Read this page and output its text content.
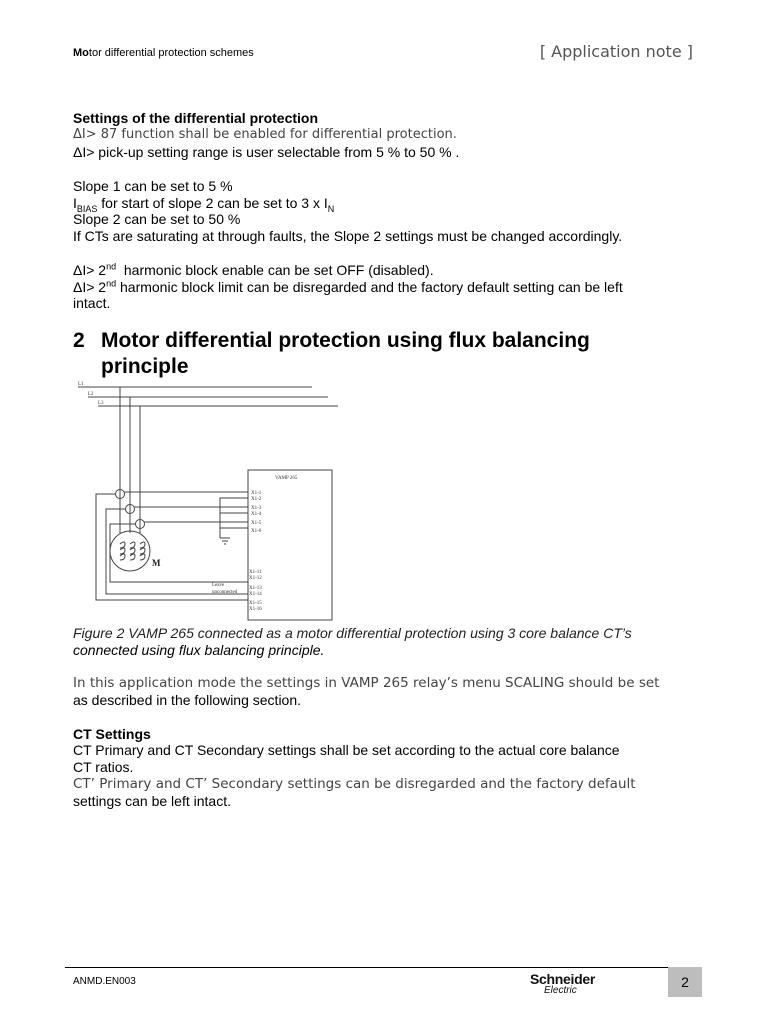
Motor differential protection schemes	[ Application note ]
Settings of the differential protection
ΔI> 87 function shall be enabled for differential protection.
ΔI> pick-up setting range is user selectable from 5 % to 50 % .
Slope 1 can be set to 5 %
$I_{BIAS}$ for start of slope 2 can be set to 3 x $I_N$
Slope 2 can be set to 50 %
If CTs are saturating at through faults, the Slope 2 settings must be changed accordingly.
ΔI> 2nd  harmonic block enable can be set OFF (disabled).
ΔI> 2nd harmonic block limit can be disregarded and the factory default setting can be left
intact.
2 Motor differential protection using flux balancing
principle
L1
L2
L3
VAMP 265
X1-1
X1-2
X1-3
X1-4
X1-5
X1-6
X1-11
X1-12
X1-13
X1-14
X1-15
X1-16
Leave
unconnected
M
Figure 2 VAMP 265 connected as a motor differential protection using 3 core balance CT’s
connected using flux balancing principle.
In this application mode the settings in VAMP 265 relay’s menu SCALING should be set
as described in the following section.
CT Settings
CT Primary and CT Secondary settings shall be set according to the actual core balance
CT ratios.
CT’ Primary and CT’ Secondary settings can be disregarded and the factory default
settings can be left intact.
ANMD.EN003	Schneider
Electric
2
